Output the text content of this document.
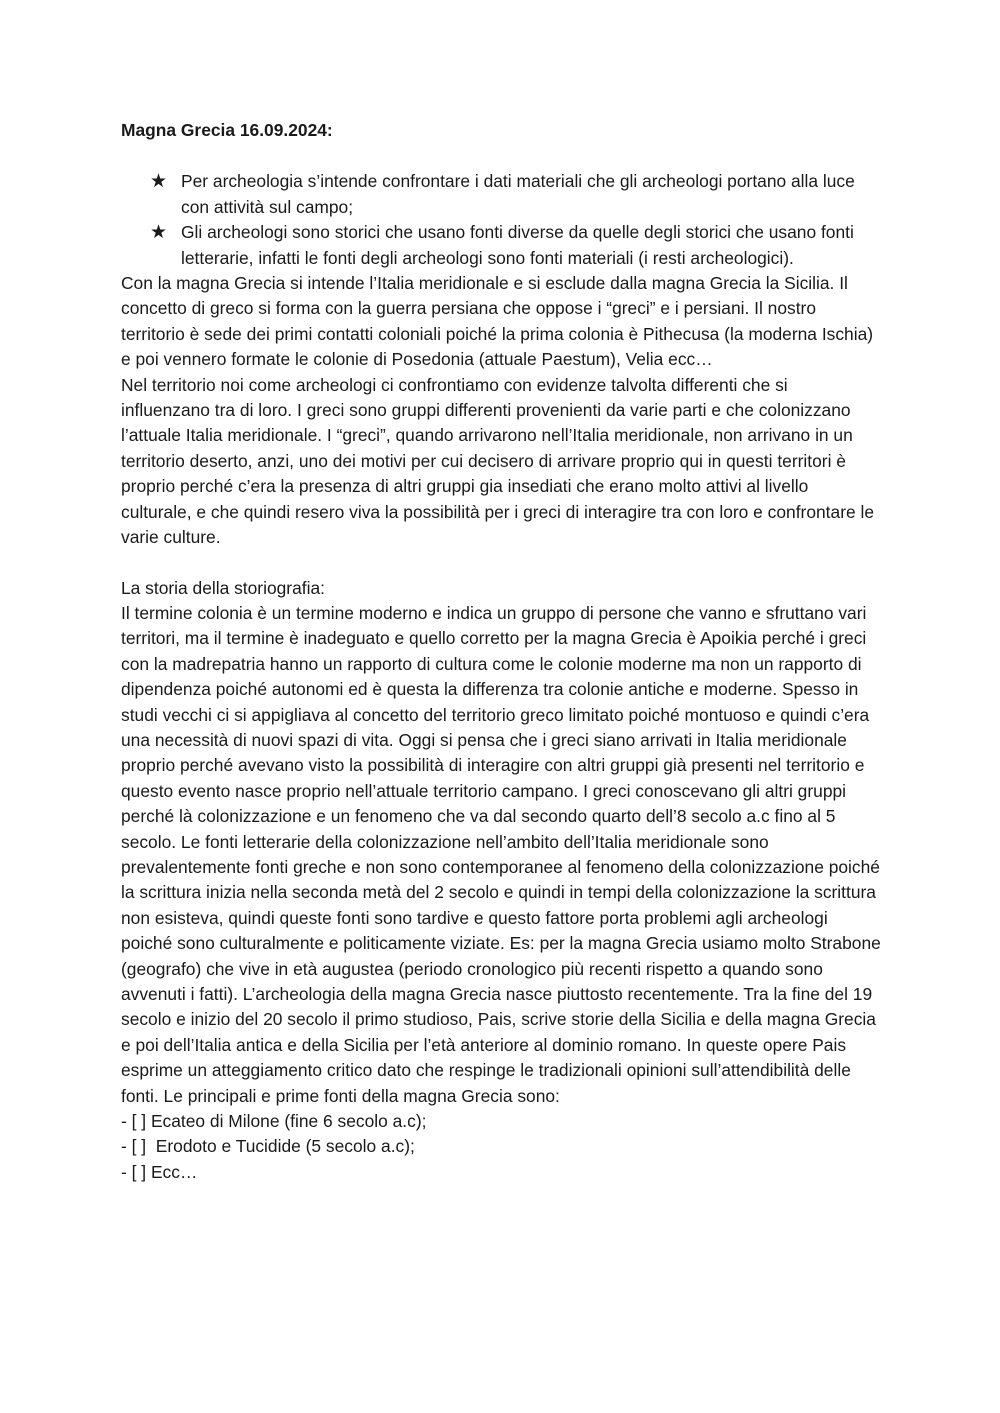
Magna Grecia 16.09.2024:

★ Per archeologia s’intende confrontare i dati materiali che gli archeologi portano alla luce con attività sul campo;
★ Gli archeologi sono storici che usano fonti diverse da quelle degli storici che usano fonti letterarie, infatti le fonti degli archeologi sono fonti materiali (i resti archeologici).

Con la magna Grecia si intende l’Italia meridionale e si esclude dalla magna Grecia la Sicilia. Il concetto di greco si forma con la guerra persiana che oppose i “greci” e i persiani. Il nostro territorio è sede dei primi contatti coloniali poiché la prima colonia è Pithecusa (la moderna Ischia) e poi vennero formate le colonie di Posedonia (attuale Paestum), Velia ecc…

Nel territorio noi come archeologi ci confrontiamo con evidenze talvolta differenti che si influenzano tra di loro. I greci sono gruppi differenti provenienti da varie parti e che colonizzano l’attuale Italia meridionale. I “greci”, quando arrivarono nell’Italia meridionale, non arrivano in un territorio deserto, anzi, uno dei motivi per cui decisero di arrivare proprio qui in questi territori è proprio perché c’era la presenza di altri gruppi gia insediati che erano molto attivi al livello culturale, e che quindi resero viva la possibilità per i greci di interagire tra con loro e confrontare le varie culture.

La storia della storiografia:

Il termine colonia è un termine moderno e indica un gruppo di persone che vanno e sfruttano vari territori, ma il termine è inadeguato e quello corretto per la magna Grecia è Apoikia perché i greci con la madrepatria hanno un rapporto di cultura come le colonie moderne ma non un rapporto di dipendenza poiché autonomi ed è questa la differenza tra colonie antiche e moderne. Spesso in studi vecchi ci si appigliava al concetto del territorio greco limitato poiché montuoso e quindi c’era una necessità di nuovi spazi di vita. Oggi si pensa che i greci siano arrivati in Italia meridionale proprio perché avevano visto la possibilità di interagire con altri gruppi già presenti nel territorio e questo evento nasce proprio nell’attuale territorio campano. I greci conoscevano gli altri gruppi perché là colonizzazione e un fenomeno che va dal secondo quarto dell’8 secolo a.c fino al 5 secolo. Le fonti letterarie della colonizzazione nell’ambito dell’Italia meridionale sono prevalentemente fonti greche e non sono contemporanee al fenomeno della colonizzazione poiché la scrittura inizia nella seconda metà del 2 secolo e quindi in tempi della colonizzazione la scrittura non esisteva, quindi queste fonti sono tardive e questo fattore porta problemi agli archeologi poiché sono culturalmente e politicamente viziate. Es: per la magna Grecia usiamo molto Strabone (geografo) che vive in età augustea (periodo cronologico più recenti rispetto a quando sono avvenuti i fatti). L’archeologia della magna Grecia nasce piuttosto recentemente. Tra la fine del 19 secolo e inizio del 20 secolo il primo studioso, Pais, scrive storie della Sicilia e della magna Grecia e poi dell’Italia antica e della Sicilia per l’età anteriore al dominio romano. In queste opere Pais esprime un atteggiamento critico dato che respinge le tradizionali opinioni sull’attendibilità delle fonti. Le principali e prime fonti della magna Grecia sono:

- [ ] Ecateo di Milone (fine 6 secolo a.c);

- [ ]  Erodoto e Tucidide (5 secolo a.c);

- [ ] Ecc…
